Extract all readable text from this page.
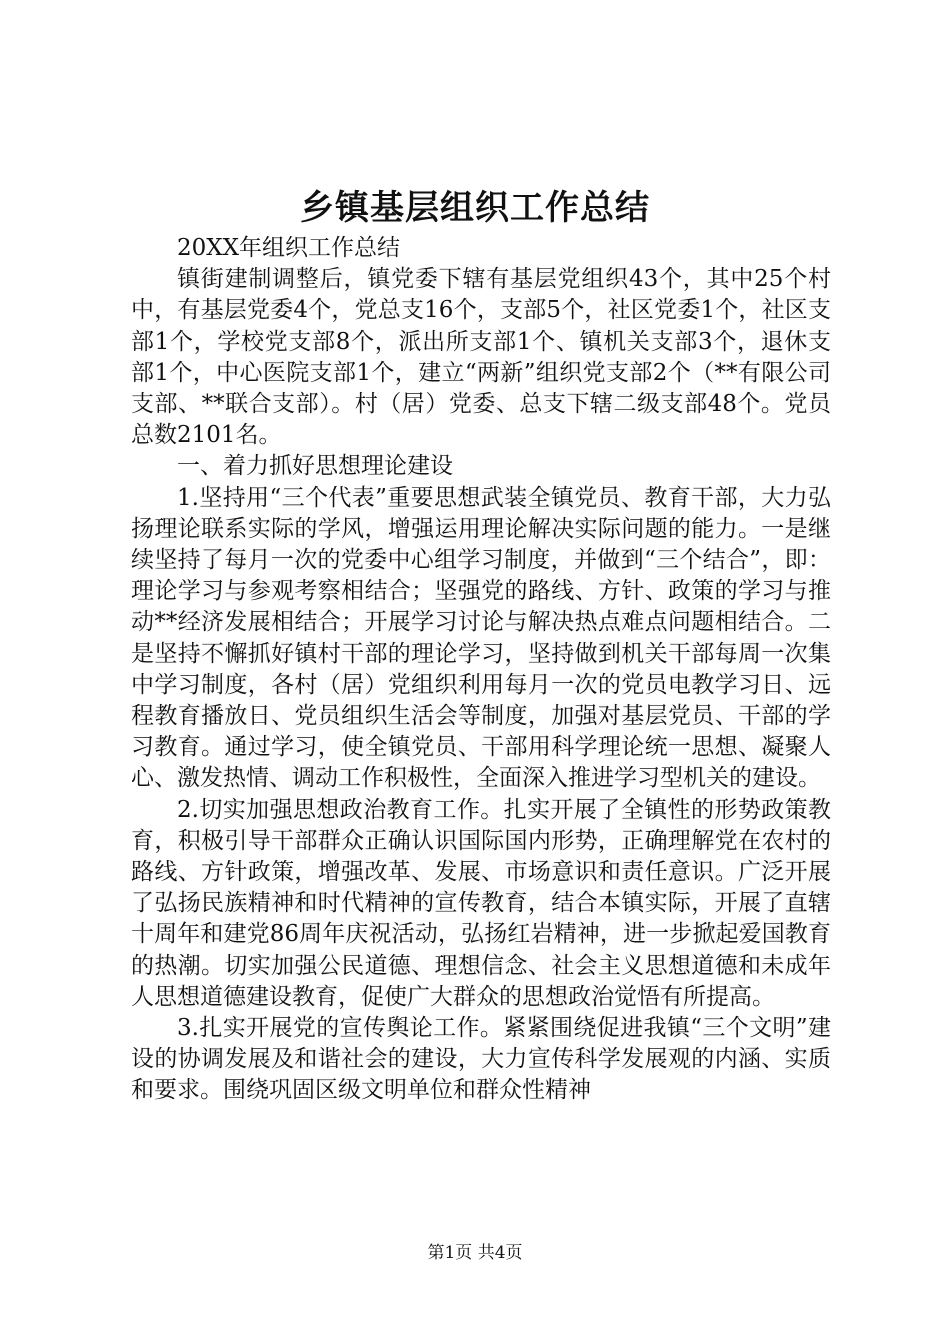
乡镇基层组织工作总结

20XX年组织工作总结

镇街建制调整后，镇党委下辖有基层党组织43个，其中25个村中，有基层党委4个，党总支16个，支部5个，社区党委1个，社区支部1个，学校党支部8个，派出所支部1个、镇机关支部3个，退休支部1个，中心医院支部1个，建立“两新”组织党支部2个（**有限公司支部、**联合支部）。村（居）党委、总支下辖二级支部48个。党员总数2101名。

一、着力抓好思想理论建设

1.坚持用“三个代表”重要思想武装全镇党员、教育干部，大力弘扬理论联系实际的学风，增强运用理论解决实际问题的能力。一是继续坚持了每月一次的党委中心组学习制度，并做到“三个结合”，即：理论学习与参观考察相结合；坚强党的路线、方针、政策的学习与推动**经济发展相结合；开展学习讨论与解决热点难点问题相结合。二是坚持不懈抓好镇村干部的理论学习，坚持做到机关干部每周一次集中学习制度，各村（居）党组织利用每月一次的党员电教学习日、远程教育播放日、党员组织生活会等制度，加强对基层党员、干部的学习教育。通过学习，使全镇党员、干部用科学理论统一思想、凝聚人心、激发热情、调动工作积极性，全面深入推进学习型机关的建设。

2.切实加强思想政治教育工作。扎实开展了全镇性的形势政策教育，积极引导干部群众正确认识国际国内形势，正确理解党在农村的路线、方针政策，增强改革、发展、市场意识和责任意识。广泛开展了弘扬民族精神和时代精神的宣传教育，结合本镇实际，开展了直辖十周年和建党86周年庆祝活动，弘扬红岩精神，进一步掀起爱国教育的热潮。切实加强公民道德、理想信念、社会主义思想道德和未成年人思想道德建设教育，促使广大群众的思想政治觉悟有所提高。

3.扎实开展党的宣传舆论工作。紧紧围绕促进我镇“三个文明”建设的协调发展及和谐社会的建设，大力宣传科学发展观的内涵、实质和要求。围绕巩固区级文明单位和群众性精神

第1页 共4页
